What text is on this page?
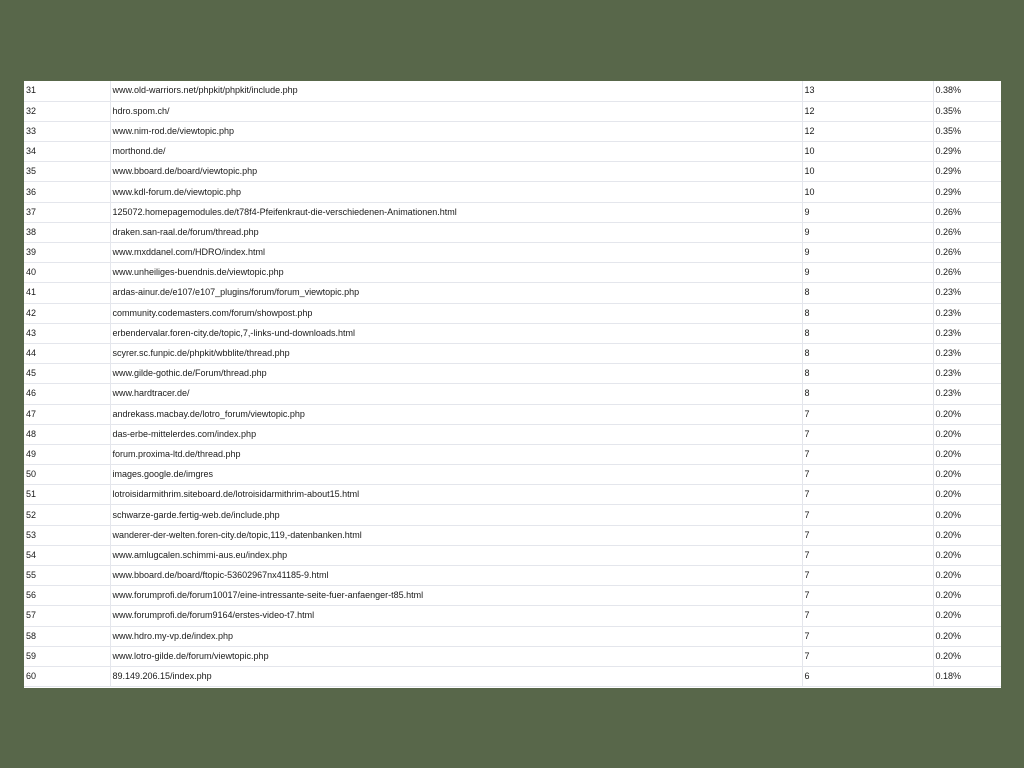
31	www.old-warriors.net/phpkit/phpkit/include.php	13	0.38%
32	hdro.spom.ch/	12	0.35%
33	www.nim-rod.de/viewtopic.php	12	0.35%
34	morthond.de/	10	0.29%
35	www.bboard.de/board/viewtopic.php	10	0.29%
36	www.kdl-forum.de/viewtopic.php	10	0.29%
37	125072.homepagemodules.de/t78f4-Pfeifenkraut-die-verschiedenen-Animationen.html	9	0.26%
38	draken.san-raal.de/forum/thread.php	9	0.26%
39	www.mxddanel.com/HDRO/index.html	9	0.26%
40	www.unheiliges-buendnis.de/viewtopic.php	9	0.26%
41	ardas-ainur.de/e107/e107_plugins/forum/forum_viewtopic.php	8	0.23%
42	community.codemasters.com/forum/showpost.php	8	0.23%
43	erbendervalar.foren-city.de/topic,7,-links-und-downloads.html	8	0.23%
44	scyrer.sc.funpic.de/phpkit/wbblite/thread.php	8	0.23%
45	www.gilde-gothic.de/Forum/thread.php	8	0.23%
46	www.hardtracer.de/	8	0.23%
47	andrekass.macbay.de/lotro_forum/viewtopic.php	7	0.20%
48	das-erbe-mittelerdes.com/index.php	7	0.20%
49	forum.proxima-ltd.de/thread.php	7	0.20%
50	images.google.de/imgres	7	0.20%
51	lotroisidarmithrim.siteboard.de/lotroisidarmithrim-about15.html	7	0.20%
52	schwarze-garde.fertig-web.de/include.php	7	0.20%
53	wanderer-der-welten.foren-city.de/topic,119,-datenbanken.html	7	0.20%
54	www.amlugcalen.schimmi-aus.eu/index.php	7	0.20%
55	www.bboard.de/board/ftopic-53602967nx41185-9.html	7	0.20%
56	www.forumprofi.de/forum10017/eine-intressante-seite-fuer-anfaenger-t85.html	7	0.20%
57	www.forumprofi.de/forum9164/erstes-video-t7.html	7	0.20%
58	www.hdro.my-vp.de/index.php	7	0.20%
59	www.lotro-gilde.de/forum/viewtopic.php	7	0.20%
60	89.149.206.15/index.php	6	0.18%
